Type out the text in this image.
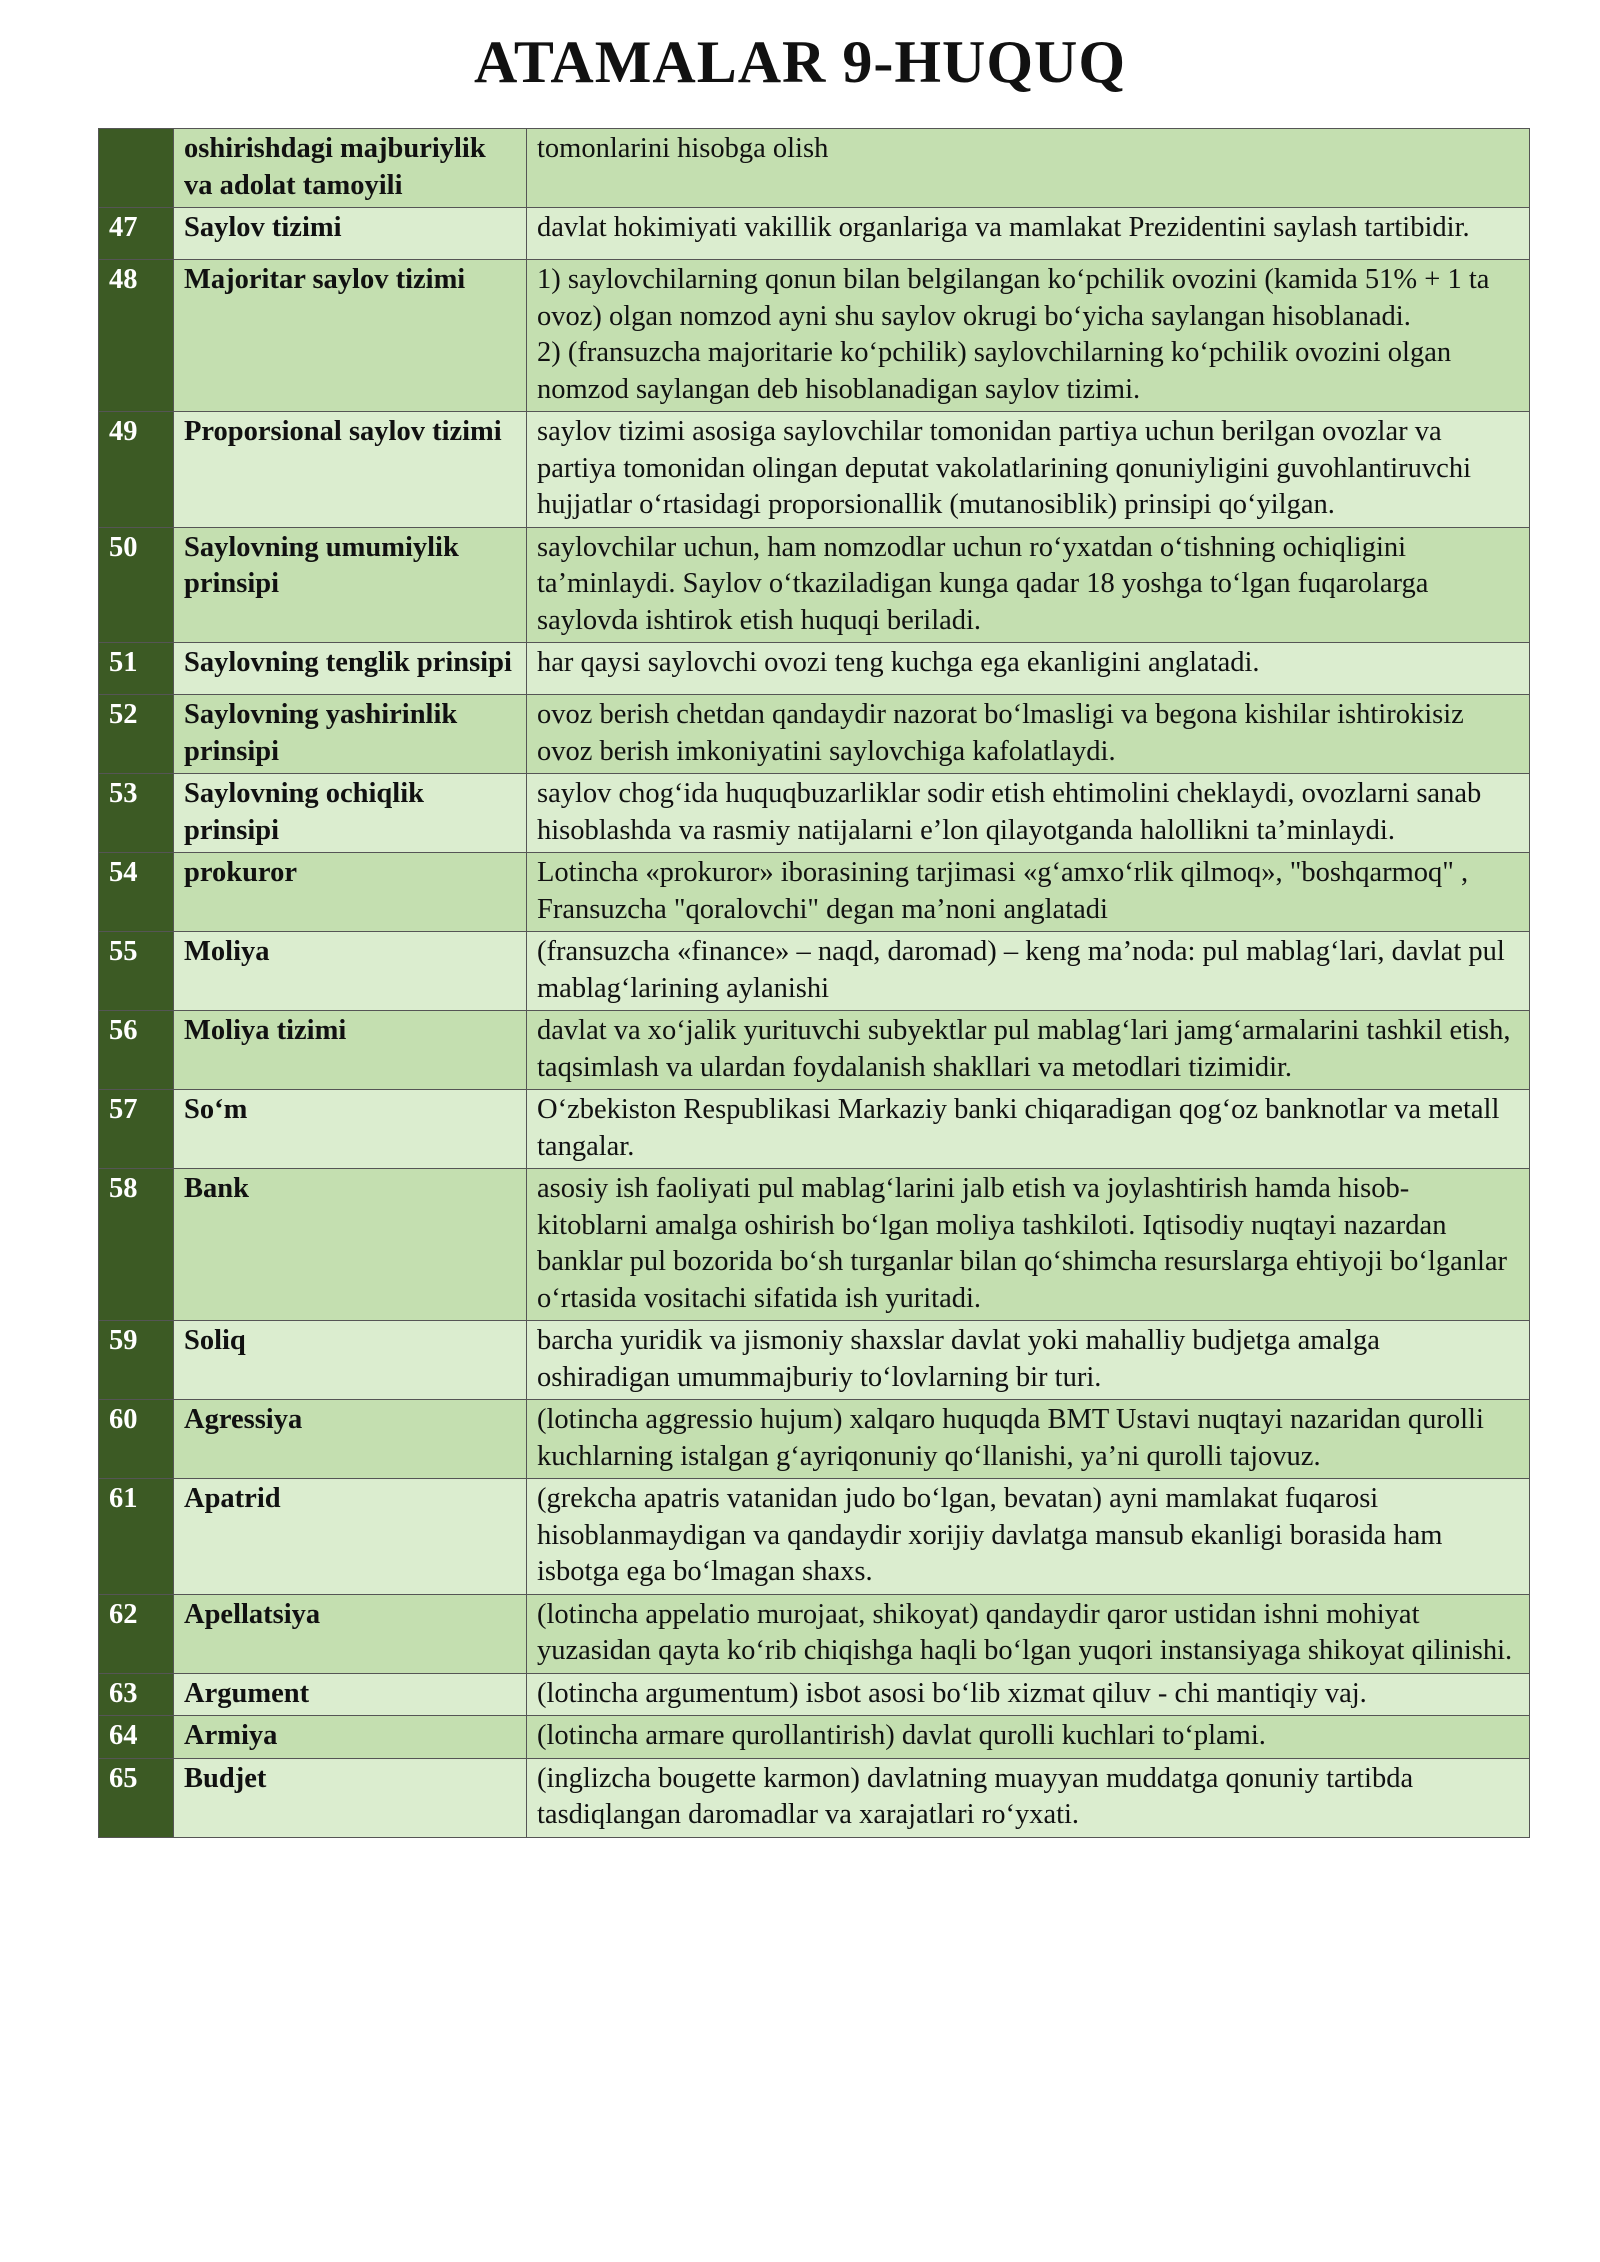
ATAMALAR 9-HUQUQ
	oshirishdagi majburiylik va adolat tamoyili	tomonlarini hisobga olish

47	Saylov tizimi	davlat hokimiyati vakillik organlariga va mamlakat Prezidentini saylash tartibidir.

48	Majoritar saylov tizimi	1) saylovchilarning qonun bilan belgilangan ko‘pchilik ovozini (kamida 51% + 1 ta ovoz) olgan nomzod ayni shu saylov okrugi bo‘yicha saylangan hisoblanadi.
2) (fransuzcha majoritarie ko‘pchilik) saylovchilarning ko‘pchilik ovozini olgan nomzod saylangan deb hisoblanadigan saylov tizimi.

49	Proporsional saylov tizimi	saylov tizimi asosiga saylovchilar tomonidan partiya uchun berilgan ovozlar va partiya tomonidan olingan deputat vakolatlarining qonuniyligini guvohlantiruvchi hujjatlar o‘rtasidagi proporsionallik (mutanosiblik) prinsipi qo‘yilgan.

50	Saylovning umumiylik prinsipi	saylovchilar uchun, ham nomzodlar uchun ro‘yxatdan o‘tishning ochiqligini ta’minlaydi. Saylov o‘tkaziladigan kunga qadar 18 yoshga to‘lgan fuqarolarga saylovda ishtirok etish huquqi beriladi.

51	Saylovning tenglik prinsipi	har qaysi saylovchi ovozi teng kuchga ega ekanligini anglatadi.

52	Saylovning yashirinlik prinsipi	ovoz berish chetdan qandaydir nazorat bo‘lmasligi va begona kishilar ishtirokisiz ovoz berish imkoniyatini saylovchiga kafolatlaydi.

53	Saylovning ochiqlik prinsipi	saylov chog‘ida huquqbuzarliklar sodir etish ehtimolini cheklaydi, ovozlarni sanab hisoblashda va rasmiy natijalarni e’lon qilayotganda halollikni ta’minlaydi.

54	prokuror	Lotincha «prokuror» iborasining tarjimasi «g‘amxo‘rlik qilmoq», "boshqarmoq" , Fransuzcha "qoralovchi" degan ma’noni anglatadi

55	Moliya	(fransuzcha «finance» – naqd, daromad) – keng ma’noda: pul mablag‘lari, davlat pul mablag‘larining aylanishi

56	Moliya tizimi	davlat va xo‘jalik yurituvchi subyektlar pul mablag‘lari jamg‘armalarini tashkil etish, taqsimlash va ulardan foydalanish shakllari va metodlari tizimidir.

57	So‘m	O‘zbekiston Respublikasi Markaziy banki chiqaradigan qog‘oz banknotlar va metall tangalar.

58	Bank	asosiy ish faoliyati pul mablag‘larini jalb etish va joylashtirish hamda hisob-kitoblarni amalga oshirish bo‘lgan moliya tashkiloti. Iqtisodiy nuqtayi nazardan banklar pul bozorida bo‘sh turganlar bilan qo‘shimcha resurslarga ehtiyoji bo‘lganlar o‘rtasida vositachi sifatida ish yuritadi.

59	Soliq	barcha yuridik va jismoniy shaxslar davlat yoki mahalliy budjetga amalga oshiradigan umummajburiy to‘lovlarning bir turi.

60	Agressiya	(lotincha aggressio hujum) xalqaro huquqda BMT Ustavi nuqtayi nazaridan qurolli kuchlarning istalgan g‘ayriqonuniy qo‘llanishi, ya’ni qurolli tajovuz.

61	Apatrid	(grekcha apatris vatanidan judo bo‘lgan, bevatan) ayni mamlakat fuqarosi hisoblanmaydigan va qandaydir xorijiy davlatga mansub ekanligi borasida ham isbotga ega bo‘lmagan shaxs.

62	Apellatsiya	(lotincha appelatio murojaat, shikoyat) qandaydir qaror ustidan ishni mohiyat yuzasidan qayta ko‘rib chiqishga haqli bo‘lgan yuqori instansiyaga shikoyat qilinishi.

63	Argument	(lotincha argumentum) isbot asosi bo‘lib xizmat qiluv - chi mantiqiy vaj.

64	Armiya	(lotincha armare qurollantirish) davlat qurolli kuchlari to‘plami.

65	Budjet	(inglizcha bougette karmon) davlatning muayyan muddatga qonuniy tartibda tasdiqlangan daromadlar va xarajatlari ro‘yxati.
